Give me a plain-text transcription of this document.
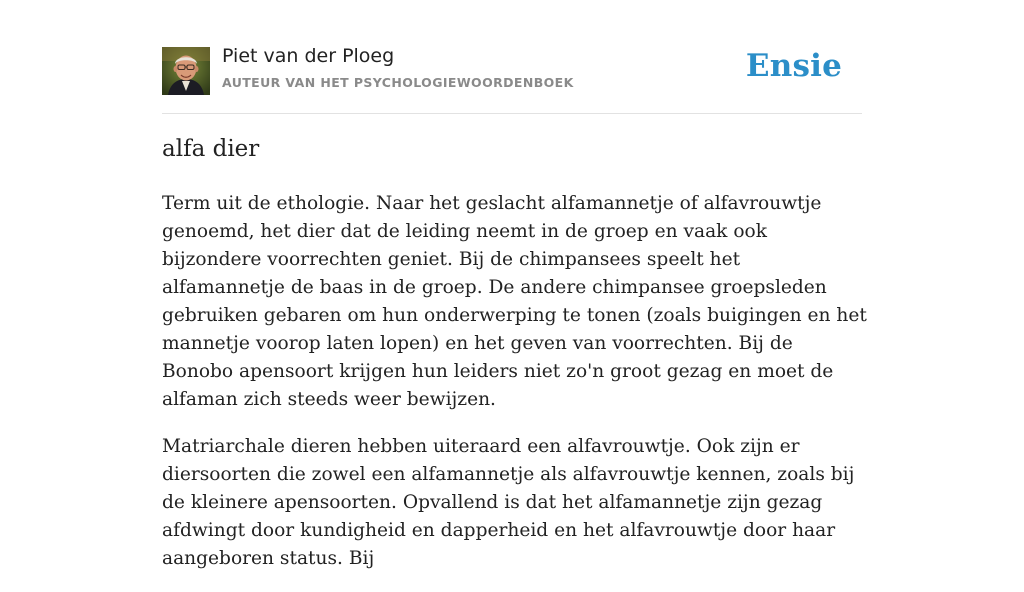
Piet van der Ploeg
AUTEUR VAN HET PSYCHOLOGIEWOORDENBOEK	Ensie
alfa dier

Term uit de ethologie. Naar het geslacht alfamannetje of alfavrouwtje genoemd, het dier dat de leiding neemt in de groep en vaak ook bijzondere voorrechten geniet. Bij de chimpansees speelt het alfamannetje de baas in de groep. De andere chimpansee groepsleden gebruiken gebaren om hun onderwerping te tonen (zoals buigingen en het mannetje voorop laten lopen) en het geven van voorrechten. Bij de Bonobo apensoort krijgen hun leiders niet zo'n groot gezag en moet de alfaman zich steeds weer bewijzen.

Matriarchale dieren hebben uiteraard een alfavrouwtje. Ook zijn er diersoorten die zowel een alfamannetje als alfavrouwtje kennen, zoals bij de kleinere apensoorten. Opvallend is dat het alfamannetje zijn gezag afdwingt door kundigheid en dapperheid en het alfavrouwtje door haar aangeboren status. Bij
